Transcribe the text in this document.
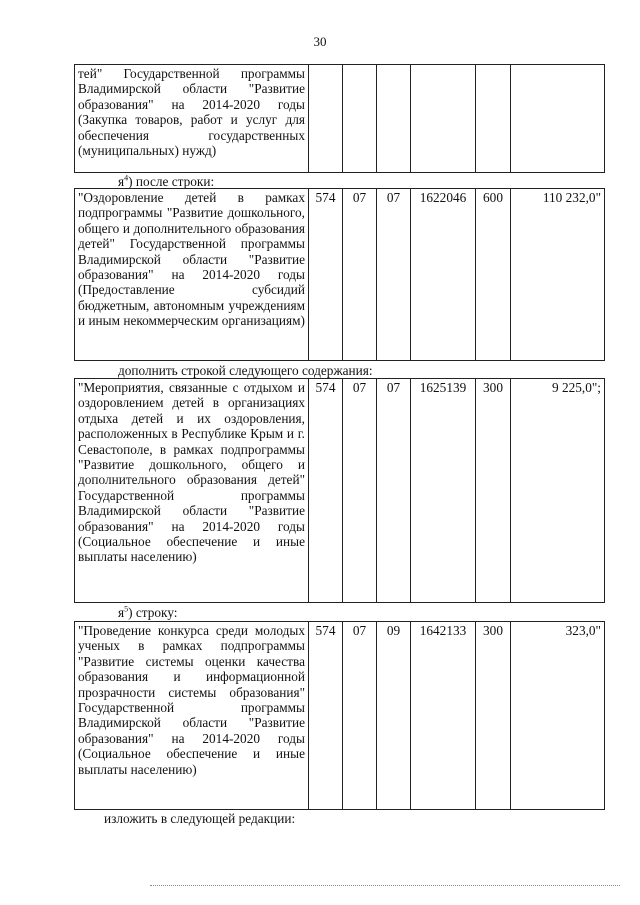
30
тей" Государственной программы Владимирской области "Развитие образования" на 2014-2020 годы (Закупка товаров, работ и услуг для обеспечения государственных (муниципальных) нужд)						
$я^4$) после строки:
"Оздоровление детей в рамках подпрограммы "Развитие дошкольного, общего и дополнительного образования детей" Государственной программы Владимирской области "Развитие образования" на 2014-2020 годы (Предоставление субсидий бюджетным, автономным учреждениям и иным некоммерческим организациям)	574	07	07	1622046	600	110 232,0"
дополнить строкой следующего содержания:
"Мероприятия, связанные с отдыхом и оздоровлением детей в организациях отдыха детей и их оздоровления, расположенных в Республике Крым и г. Севастополе, в рамках подпрограммы "Развитие дошкольного, общего и дополнительного образования детей" Государственной программы Владимирской области "Развитие образования" на 2014-2020 годы (Социальное обеспечение и иные выплаты населению)	574	07	07	1625139	300	9 225,0";
$я^5$) строку:
"Проведение конкурса среди молодых ученых в рамках подпрограммы "Развитие системы оценки качества образования и информационной прозрачности системы образования" Государственной программы Владимирской области "Развитие образования" на 2014-2020 годы (Социальное обеспечение и иные выплаты населению)	574	07	09	1642133	300	323,0"
изложить в следующей редакции:
